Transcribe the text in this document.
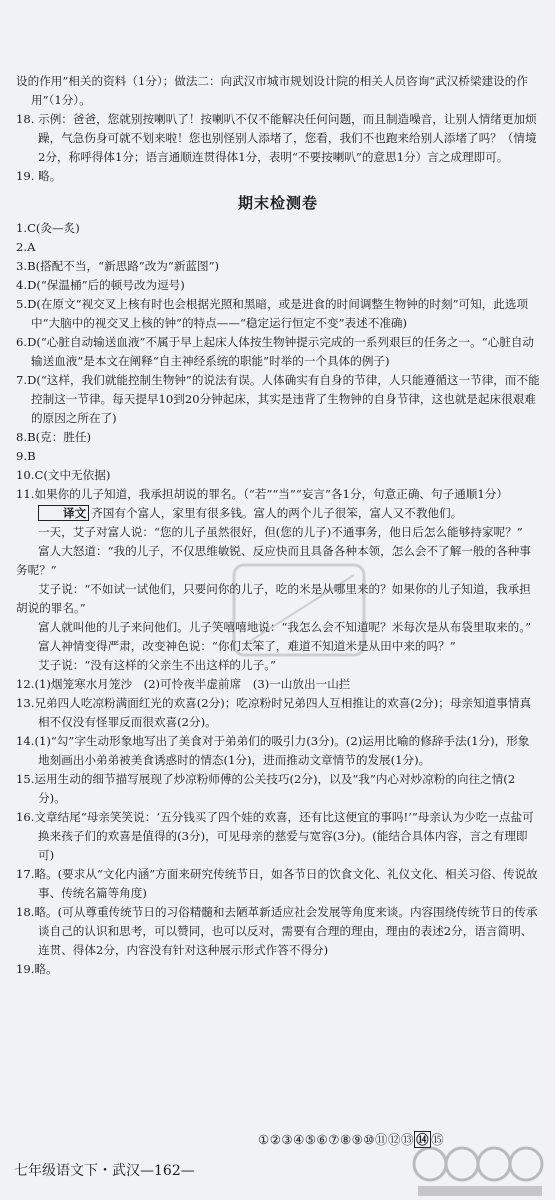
设的作用”相关的资料（1分）；做法二：向武汉市城市规划设计院的相关人员咨询“武汉桥梁建设的作用”（1分）。

18. 示例：爸爸，您就别按喇叭了！按喇叭不仅不能解决任何问题，而且制造噪音，让别人情绪更加烦躁，气急伤身可就不划来啦！您也别怪别人添堵了，您看，我们不也跑来给别人添堵了吗？（情境2分，称呼得体1分；语言通顺连贯得体1分，表明“不要按喇叭”的意思1分）言之成理即可。

19. 略。

期末检测卷

1.C(灸—炙)

2.A

3.B(搭配不当，“新思路”改为“新蓝图”)

4.D(“保温桶”后的顿号改为逗号)

5.D(在原文“视交叉上核有时也会根据光照和黑暗，或是进食的时间调整生物钟的时刻”可知，此选项中“大脑中的视交叉上核的钟”的特点——“稳定运行恒定不变”表述不准确)

6.D(“心脏自动输送血液”不属于早上起床人体按生物钟提示完成的一系列艰巨的任务之一。“心脏自动输送血液”是本文在阐释“自主神经系统的职能”时举的一个具体的例子)

7.D(“这样，我们就能控制生物钟”的说法有误。人体确实有自身的节律，人只能遵循这一节律，而不能控制这一节律。每天提早10到20分钟起床，其实是违背了生物钟的自身节律，这也就是起床很艰难的原因之所在了)

8.B(克：胜任)

9.B

10.C(文中无依据)

11.如果你的儿子知道，我承担胡说的罪名。（“若”“当”“妄言”各1分，句意正确、句子通顺1分）

译文 齐国有个富人，家里有很多钱。富人的两个儿子很笨，富人又不教他们。

一天，艾子对富人说：“您的儿子虽然很好，但(您的儿子)不通事务，他日后怎么能够持家呢？”

富人大怒道：“我的儿子，不仅思维敏锐、反应快而且具备各种本领，怎么会不了解一般的各种事务呢？”

艾子说：“不如试一试他们，只要问你的儿子，吃的米是从哪里来的？如果你的儿子知道，我承担胡说的罪名。”

富人就叫他的儿子来问他们。儿子笑嘻嘻地说：“我怎么会不知道呢？米每次是从布袋里取来的。”

富人神情变得严肃，改变神色说：“你们太笨了，难道不知道米是从田中来的吗？”

艾子说：“没有这样的父亲生不出这样的儿子。”

12.(1)烟笼寒水月笼沙　(2)可怜夜半虚前席　(3)一山放出一山拦

13.兄弟四人吃凉粉满面红光的欢喜(2分)；吃凉粉时兄弟四人互相推让的欢喜(2分)；母亲知道事情真相不仅没有怪罪反而很欢喜(2分)。

14.(1)“勾”字生动形象地写出了美食对于弟弟们的吸引力(3分)。(2)运用比喻的修辞手法(1分)，形象地刻画出小弟弟被美食诱惑时的情态(1分)，进而推动文章情节的发展(1分)。

15.运用生动的细节描写展现了炒凉粉师傅的公关技巧(2分)，以及“我”内心对炒凉粉的向往之情(2分)。

16.文章结尾“母亲笑笑说：‘五分钱买了四个娃的欢喜，还有比这便宜的事吗!’”母亲认为少吃一点盐可换来孩子们的欢喜是值得的(3分)，可见母亲的慈爱与宽容(3分)。(能结合具体内容，言之有理即可)

17.略。(要求从“文化内涵”方面来研究传统节日，如各节日的饮食文化、礼仪文化、相关习俗、传说故事、传统名篇等角度)

18.略。(可从尊重传统节日的习俗精髓和去陋革新适应社会发展等角度来谈。内容围绕传统节日的传承谈自己的认识和思考，可以赞同，也可以反对，需要有合理的理由，理由的表述2分，语言简明、连贯、得体2分，内容没有针对这种展示形式作答不得分)

19.略。

①②③④⑤⑥⑦⑧⑨⑩⑪⑫⑬ ⑭ ⑮
七年级语文下・武汉—162—
